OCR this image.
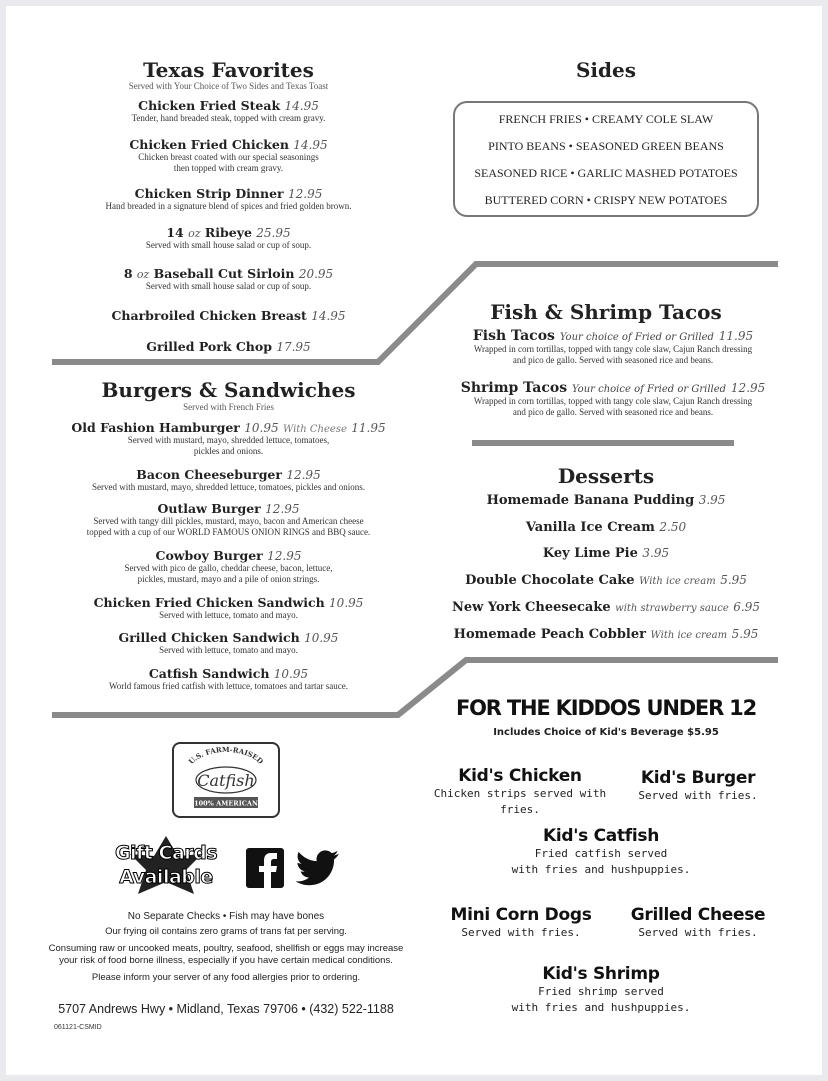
Texas Favorites
Served with Your Choice of Two Sides and Texas Toast
Chicken Fried Steak 14.95
Tender, hand breaded steak, topped with cream gravy.
Chicken Fried Chicken 14.95
Chicken breast coated with our special seasonings
then topped with cream gravy.
Chicken Strip Dinner 12.95
Hand breaded in a signature blend of spices and fried golden brown.
14 oz Ribeye 25.95
Served with small house salad or cup of soup.
8 oz Baseball Cut Sirloin 20.95
Served with small house salad or cup of soup.
Charbroiled Chicken Breast 14.95
Grilled Pork Chop 17.95
Burgers & Sandwiches
Served with French Fries
Old Fashion Hamburger 10.95 With Cheese 11.95
Served with mustard, mayo, shredded lettuce, tomatoes,
pickles and onions.
Bacon Cheeseburger 12.95
Served with mustard, mayo, shredded lettuce, tomatoes, pickles and onions.
Outlaw Burger 12.95
Served with tangy dill pickles, mustard, mayo, bacon and American cheese
topped with a cup of our WORLD FAMOUS ONION RINGS and BBQ sauce.
Cowboy Burger 12.95
Served with pico de gallo, cheddar cheese, bacon, lettuce,
pickles, mustard, mayo and a pile of onion strings.
Chicken Fried Chicken Sandwich 10.95
Served with lettuce, tomato and mayo.
Grilled Chicken Sandwich 10.95
Served with lettuce, tomato and mayo.
Catfish Sandwich 10.95
World famous fried catfish with lettuce, tomatoes and tartar sauce.
Sides
FRENCH FRIES • CREAMY COLE SLAW
PINTO BEANS • SEASONED GREEN BEANS
SEASONED RICE • GARLIC MASHED POTATOES
BUTTERED CORN • CRISPY NEW POTATOES
Fish & Shrimp Tacos
Fish Tacos Your choice of Fried or Grilled 11.95
Wrapped in corn tortillas, topped with tangy cole slaw, Cajun Ranch dressing
and pico de gallo. Served with seasoned rice and beans.
Shrimp Tacos Your choice of Fried or Grilled 12.95
Wrapped in corn tortillas, topped with tangy cole slaw, Cajun Ranch dressing
and pico de gallo. Served with seasoned rice and beans.
Desserts
Homemade Banana Pudding 3.95
Vanilla Ice Cream 2.50
Key Lime Pie 3.95
Double Chocolate Cake With ice cream 5.95
New York Cheesecake with strawberry sauce 6.95
Homemade Peach Cobbler With ice cream 5.95
FOR THE KIDDOS UNDER 12
Includes Choice of Kid's Beverage $5.95
Kid's Chicken
Chicken strips served with fries.
Kid's Burger
Served with fries.
Kid's Catfish
Fried catfish served
with fries and hushpuppies.
Mini Corn Dogs
Served with fries.
Grilled Cheese
Served with fries.
Kid's Shrimp
Fried shrimp served
with fries and hushpuppies.
U.S. FARM-RAISED
Catfish
100% AMERICAN
Gift Cards
Available
No Separate Checks • Fish may have bones
Our frying oil contains zero grams of trans fat per serving.
Consuming raw or uncooked meats, poultry, seafood, shellfish or eggs may increase
your risk of food borne illness, especially if you have certain medical conditions.
Please inform your server of any food allergies prior to ordering.
5707 Andrews Hwy • Midland, Texas 79706 • (432) 522-1188
061121-CSMID
